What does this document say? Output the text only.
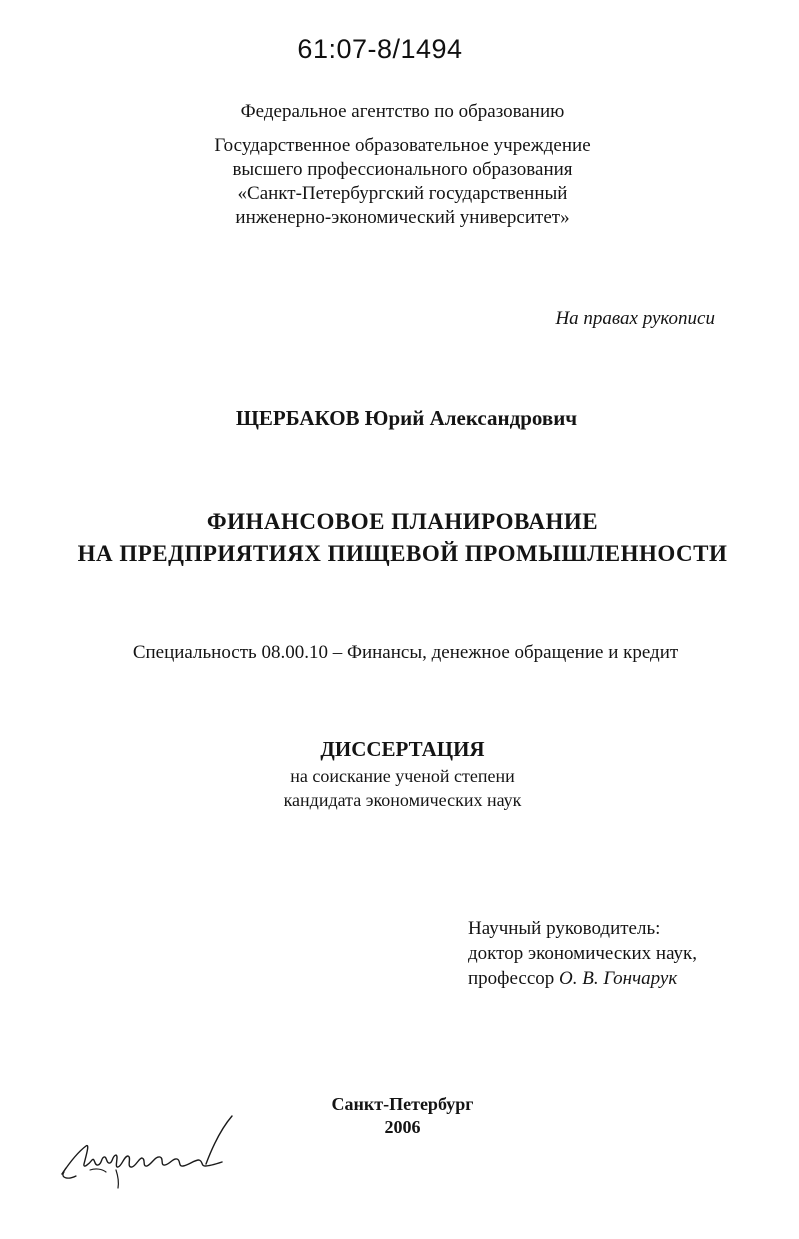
61:07-8/1494
Федеральное агентство по образованию
Государственное образовательное учреждение
высшего профессионального образования
«Санкт-Петербургский государственный
инженерно-экономический университет»
На правах рукописи
ЩЕРБАКОВ Юрий Александрович
ФИНАНСОВОЕ ПЛАНИРОВАНИЕ
НА ПРЕДПРИЯТИЯХ ПИЩЕВОЙ ПРОМЫШЛЕННОСТИ
Специальность 08.00.10 – Финансы, денежное обращение и кредит
ДИССЕРТАЦИЯ
на соискание ученой степени
кандидата экономических наук
Научный руководитель:
доктор экономических наук,
профессор О. В. Гончарук
Санкт-Петербург
2006
